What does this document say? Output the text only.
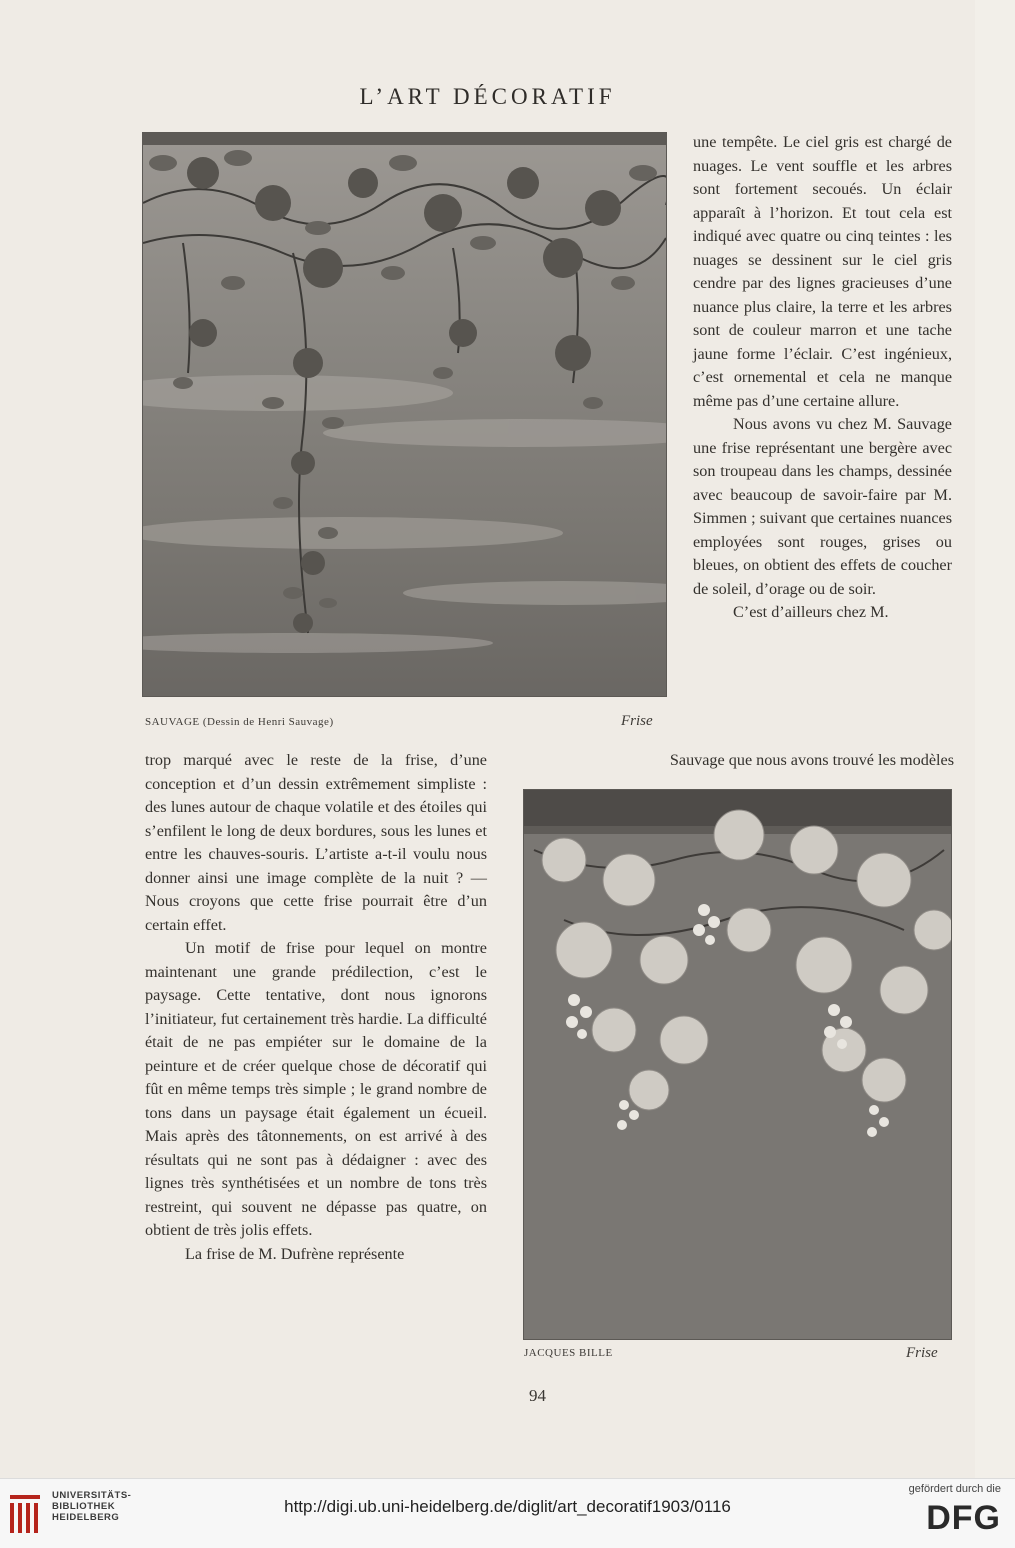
L’ART DÉCORATIF
SAUVAGE (Dessin de Henri Sauvage)	Frise

une tempête. Le ciel gris est chargé de nuages. Le vent souffle et les arbres sont fortement secoués. Un éclair apparaît à l’horizon. Et tout cela est indiqué avec quatre ou cinq teintes : les nuages se dessinent sur le ciel gris cendre par des lignes gracieuses d’une nuance plus claire, la terre et les arbres sont de couleur marron et une tache jaune forme l’éclair. C’est ingénieux, c’est ornemental et cela ne manque même pas d’une certaine allure.

Nous avons vu chez M. Sauvage une frise représentant une bergère avec son troupeau dans les champs, dessinée avec beaucoup de savoir-faire par M. Simmen ; suivant que certaines nuances employées sont rouges, grises ou bleues, on obtient des effets de coucher de soleil, d’orage ou de soir.

C’est d’ailleurs chez M.

Sauvage que nous avons trouvé les modèles

trop marqué avec le reste de la frise, d’une conception et d’un dessin extrêmement simpliste : des lunes autour de chaque volatile et des étoiles qui s’enfilent le long de deux bordures, sous les lunes et entre les chauves-souris. L’artiste a-t-il voulu nous donner ainsi une image complète de la nuit ? — Nous croyons que cette frise pourrait être d’un certain effet.

Un motif de frise pour lequel on montre maintenant une grande prédilection, c’est le paysage. Cette tentative, dont nous ignorons l’initiateur, fut certainement très hardie. La difficulté était de ne pas empiéter sur le domaine de la peinture et de créer quelque chose de décoratif qui fût en même temps très simple ; le grand nombre de tons dans un paysage était également un écueil. Mais après des tâtonnements, on est arrivé à des résultats qui ne sont pas à dédaigner : avec des lignes très synthétisées et un nombre de tons très restreint, qui souvent ne dépasse pas quatre, on obtient de très jolis effets.

La frise de M. Dufrène représente

JACQUES BILLE	Frise
94
UNIVERSITÄTS-
BIBLIOTHEK
HEIDELBERG
http://digi.ub.uni-heidelberg.de/diglit/art_decoratif1903/0116
gefördert durch die
DFG
